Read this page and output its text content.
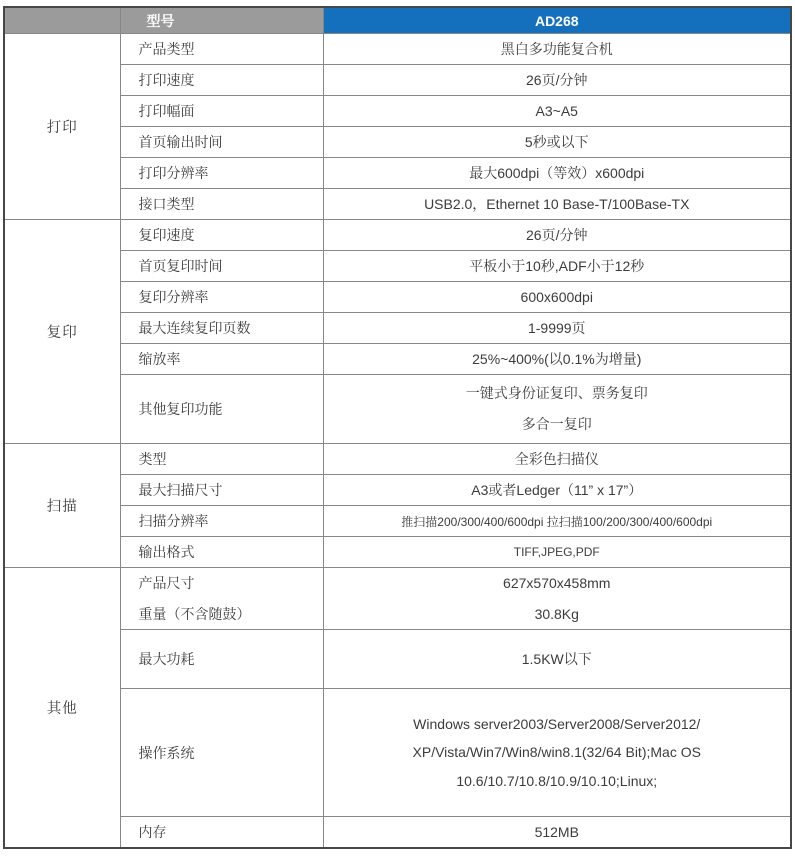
	型号	AD268
打印	产品类型	黑白多功能复合机
	打印速度	26页/分钟
	打印幅面	A3~A5
	首页输出时间	5秒或以下
	打印分辨率	最大600dpi（等效）x600dpi
	接口类型	USB2.0，Ethernet 10 Base-T/100Base-TX
复印	复印速度	26页/分钟
	首页复印时间	平板小于10秒,ADF小于12秒
	复印分辨率	600x600dpi
	最大连续复印页数	1-9999页
	缩放率	25%~400%(以0.1%为增量)
	其他复印功能	一键式身份证复印、票务复印
多合一复印

扫描	类型	全彩色扫描仪
	最大扫描尺寸	A3或者Ledger（11” x 17”）
	扫描分辨率	推扫描200/300/400/600dpi 拉扫描100/200/300/400/600dpi
	输出格式	TIFF,JPEG,PDF
其他	产品尺寸	627x570x458mm
	重量（不含随鼓）	30.8Kg
	最大功耗	1.5KW以下
	操作系统	Windows server2003/Server2008/Server2012/
XP/Vista/Win7/Win8/win8.1(32/64 Bit);Mac OS
10.6/10.7/10.8/10.9/10.10;Linux;

	内存	512MB
